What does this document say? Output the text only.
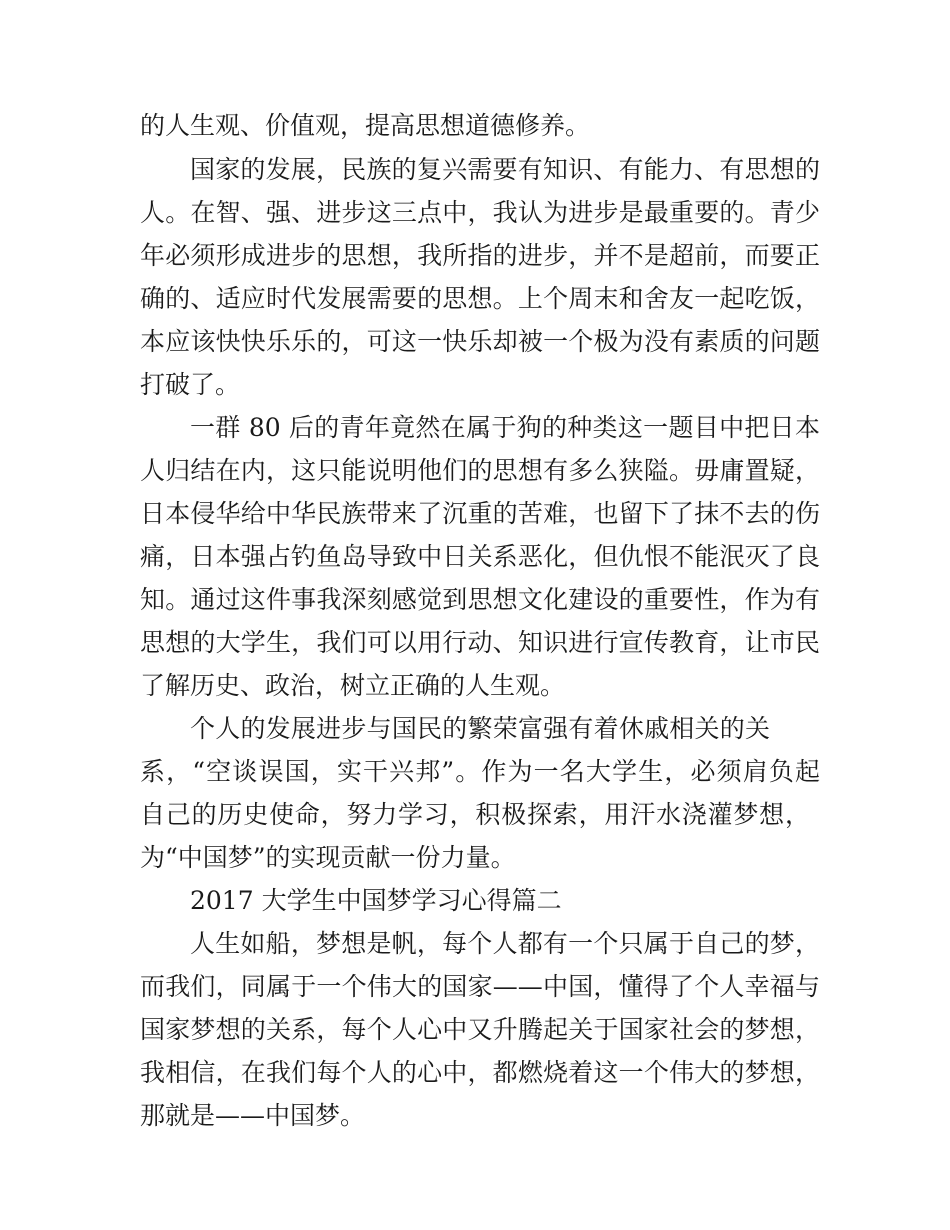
的人生观、价值观，提高思想道德修养。
国家的发展，民族的复兴需要有知识、有能力、有思想的
人。在智、强、进步这三点中，我认为进步是最重要的。青少
年必须形成进步的思想，我所指的进步，并不是超前，而要正
确的、适应时代发展需要的思想。上个周末和舍友一起吃饭，
本应该快快乐乐的，可这一快乐却被一个极为没有素质的问题
打破了。
一群 80 后的青年竟然在属于狗的种类这一题目中把日本
人归结在内，这只能说明他们的思想有多么狭隘。毋庸置疑，
日本侵华给中华民族带来了沉重的苦难，也留下了抹不去的伤
痛，日本强占钓鱼岛导致中日关系恶化，但仇恨不能泯灭了良
知。通过这件事我深刻感觉到思想文化建设的重要性，作为有
思想的大学生，我们可以用行动、知识进行宣传教育，让市民
了解历史、政治，树立正确的人生观。
个人的发展进步与国民的繁荣富强有着休戚相关的关
系，“空谈误国，实干兴邦”。作为一名大学生，必须肩负起
自己的历史使命，努力学习，积极探索，用汗水浇灌梦想，
为“中国梦”的实现贡献一份力量。
2017 大学生中国梦学习心得篇二
人生如船，梦想是帆，每个人都有一个只属于自己的梦，
而我们，同属于一个伟大的国家——中国，懂得了个人幸福与
国家梦想的关系，每个人心中又升腾起关于国家社会的梦想，
我相信，在我们每个人的心中，都燃烧着这一个伟大的梦想，
那就是——中国梦。
